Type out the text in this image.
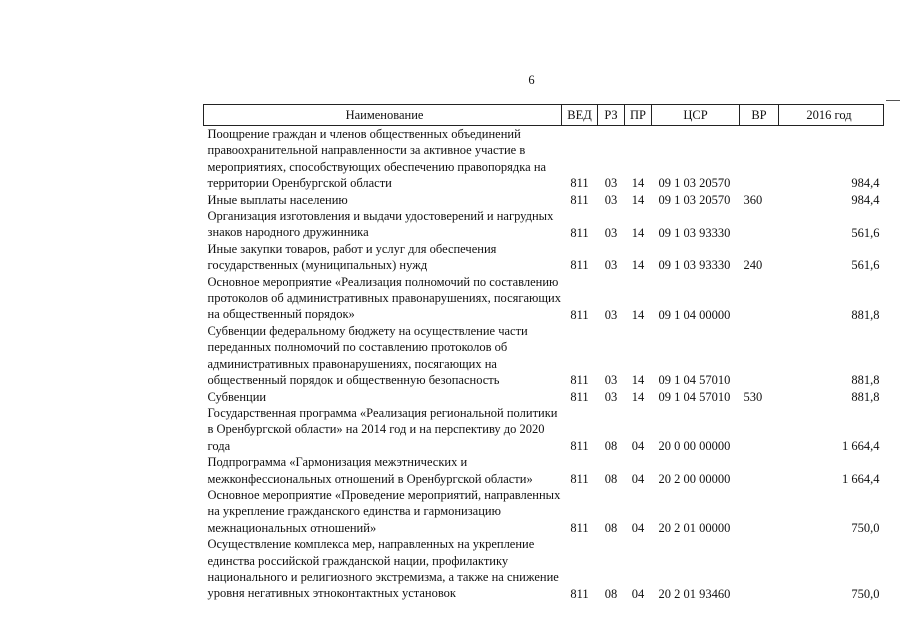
6
Наименование	ВЕД	РЗ	ПР	ЦСР	ВР	2016 год
Поощрение граждан и членов общественных объединений правоохранительной направленности за активное участие в мероприятиях, способствующих обеспечению правопорядка на территории Оренбургской области	811	03	14	09 1 03 20570		984,4
Иные выплаты населению	811	03	14	09 1 03 20570	360	984,4
Организация изготовления и выдачи удостоверений и нагрудных знаков народного дружинника	811	03	14	09 1 03 93330		561,6
Иные закупки товаров, работ и услуг для обеспечения государственных (муниципальных) нужд	811	03	14	09 1 03 93330	240	561,6
Основное мероприятие «Реализация полномочий по составлению протоколов об административных правонарушениях, посягающих на общественный порядок»	811	03	14	09 1 04 00000		881,8
Субвенции федеральному бюджету на осуществление части переданных полномочий по составлению протоколов об административных правонарушениях, посягающих на общественный порядок и общественную безопасность	811	03	14	09 1 04 57010		881,8
Субвенции	811	03	14	09 1 04 57010	530	881,8
Государственная программа «Реализация региональной политики в Оренбургской области» на 2014 год и на перспективу до 2020 года	811	08	04	20 0 00 00000		1 664,4
Подпрограмма «Гармонизация межэтнических и межконфессиональных отношений в Оренбургской области»	811	08	04	20 2 00 00000		1 664,4
Основное мероприятие «Проведение мероприятий, направленных на укрепление гражданского единства и гармонизацию межнациональных отношений»	811	08	04	20 2 01 00000		750,0
Осуществление комплекса мер, направленных на укрепление единства российской гражданской нации, профилактику национального и религиозного экстремизма, а также на снижение уровня негативных этноконтактных установок	811	08	04	20 2 01 93460		750,0
